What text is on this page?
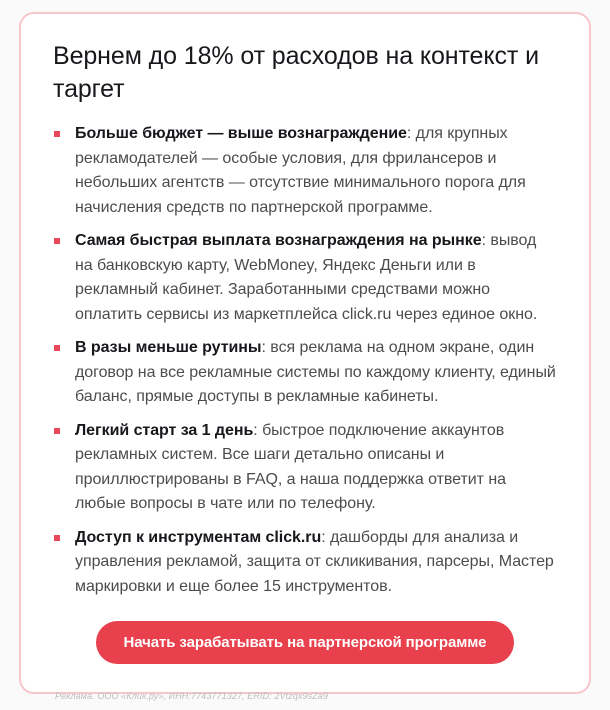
Вернем до 18% от расходов на контекст и таргет
Больше бюджет — выше вознаграждение: для крупных рекламодателей — особые условия, для фрилансеров и небольших агентств — отсутствие минимального порога для начисления средств по партнерской программе.
Самая быстрая выплата вознаграждения на рынке: вывод на банковскую карту, WebMoney, Яндекс Деньги или в рекламный кабинет. Заработанными средствами можно оплатить сервисы из маркетплейса click.ru через единое окно.
В разы меньше рутины: вся реклама на одном экране, один договор на все рекламные системы по каждому клиенту, единый баланс, прямые доступы в рекламные кабинеты.
Легкий старт за 1 день: быстрое подключение аккаунтов рекламных систем. Все шаги детально описаны и проиллюстрированы в FAQ, а наша поддержка ответит на любые вопросы в чате или по телефону.
Доступ к инструментам click.ru: дашборды для анализа и управления рекламой, защита от скликивания, парсеры, Мастер маркировки и еще более 15 инструментов.
Начать зарабатывать на партнерской программе

Реклама. ООО «Клик.ру», ИНН:7743771327, ERID: 2Vtzqx9sZa9
